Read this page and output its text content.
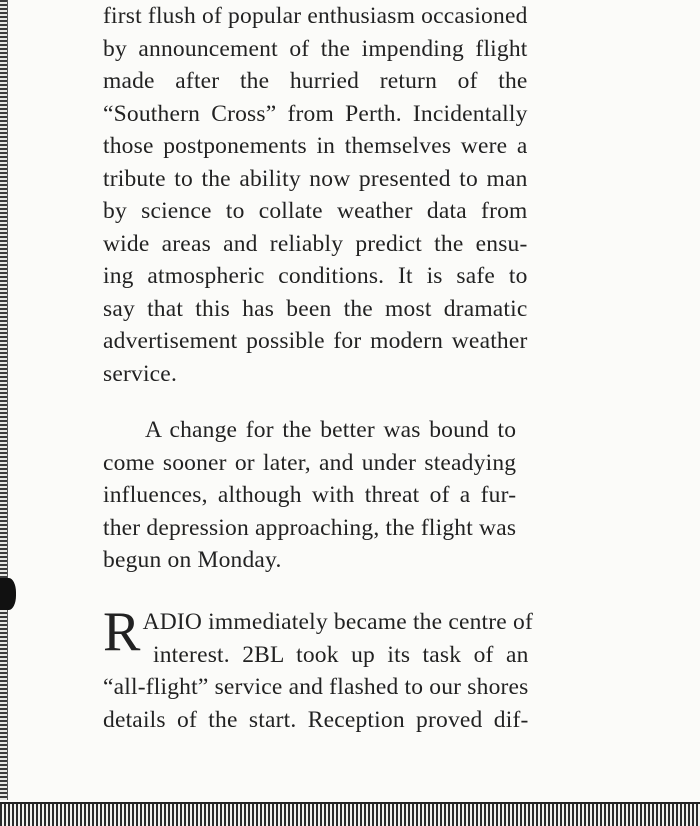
first flush of popular enthusiasm occasioned
by announcement of the impending flight
made after the hurried return of the
“Southern Cross” from Perth. Incidentally
those postponements in themselves were a
tribute to the ability now presented to man
by science to collate weather data from
wide areas and reliably predict the ensu-
ing atmospheric conditions. It is safe to
say that this has been the most dramatic
advertisement possible for modern weather
service.

A change for the better was bound to
come sooner or later, and under steadying
influences, although with threat of a fur-
ther depression approaching, the flight was
begun on Monday.

R ADIO immediately became the centre of
interest. 2BL took up its task of an
“all-flight” service and flashed to our shores
details of the start. Reception proved dif-
